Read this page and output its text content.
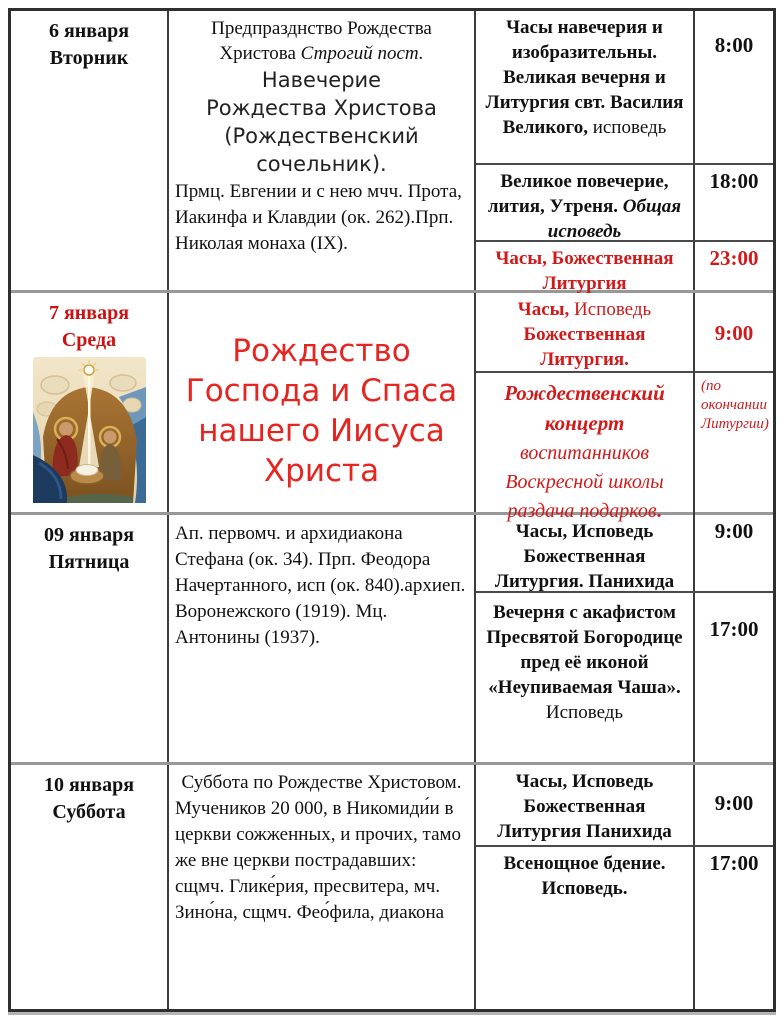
6 января
Вторник
Предпразднство Рождества Христова Строгий пост.
Навечерие Рождества Христова (Рождественский сочельник).
Прмц. Евгении и с нею мчч. Прота, Иакинфа и Клавдии (ок. 262).Прп. Николая монаха (IX).
Часы навечерия и изобразительны. Великая вечерня и Литургия свт. Василия Великого, исповедь
8:00
Великое повечерие, лития, Утреня. Общая исповедь
18:00
Часы, Божественная Литургия
23:00
7 января
Среда	Рождество
Господа и Спаса
нашего Иисуса
Христа
Часы, Исповедь Божественная Литургия.
9:00
Рождественский концерт воспитанников Воскресной школы раздача подарков.
(по окончании Литургии)
09 января
Пятница
Ап. первомч. и архидиакона Стефана (ок. 34). Прп. Феодора Начертанного, исп (ок. 840).архиеп. Воронежского (1919). Мц. Антонины (1937).
Часы, Исповедь Божественная Литургия. Панихида
9:00
Вечерня с акафистом Пресвятой Богородице пред её иконой «Неупиваемая Чаша». Исповедь
17:00
10 января
Суббота
Суббота по Рождестве Христовом.
Мучеников 20 000, в Никомиди́и в церкви сожженных, и прочих, тамо же вне церкви пострадавших: сщмч. Глике́рия, пресвитера, мч. Зино́на, сщмч. Фео́фила, диакона
Часы, Исповедь Божественная Литургия Панихида
9:00
Всенощное бдение. Исповедь.
17:00
